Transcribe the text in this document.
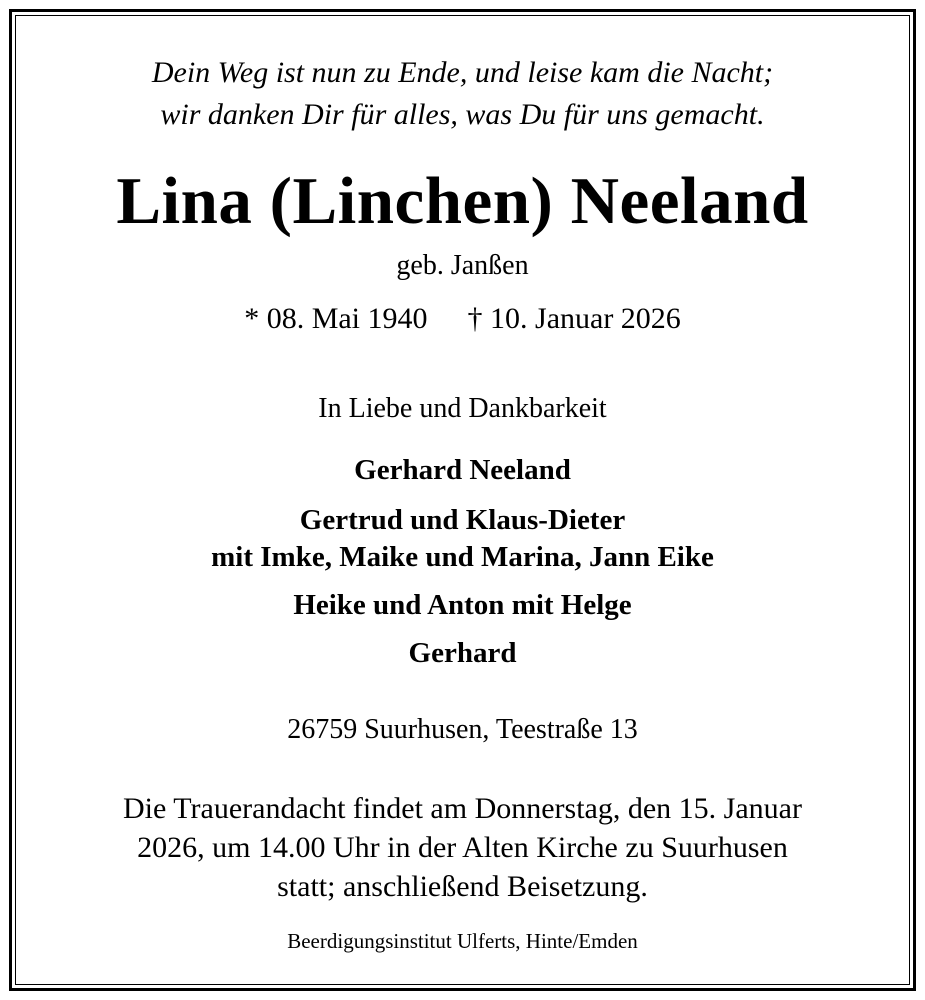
Dein Weg ist nun zu Ende, und leise kam die Nacht;
wir danken Dir für alles, was Du für uns gemacht.
Lina (Linchen) Neeland
geb. Janßen
* 08. Mai 1940 † 10. Januar 2026
In Liebe und Dankbarkeit
Gerhard Neeland
Gertrud und Klaus-Dieter
mit Imke, Maike und Marina, Jann Eike
Heike und Anton mit Helge
Gerhard
26759 Suurhusen, Teestraße 13
Die Trauerandacht findet am Donnerstag, den 15. Januar
2026, um 14.00 Uhr in der Alten Kirche zu Suurhusen
statt; anschließend Beisetzung.
Beerdigungsinstitut Ulferts, Hinte/Emden
